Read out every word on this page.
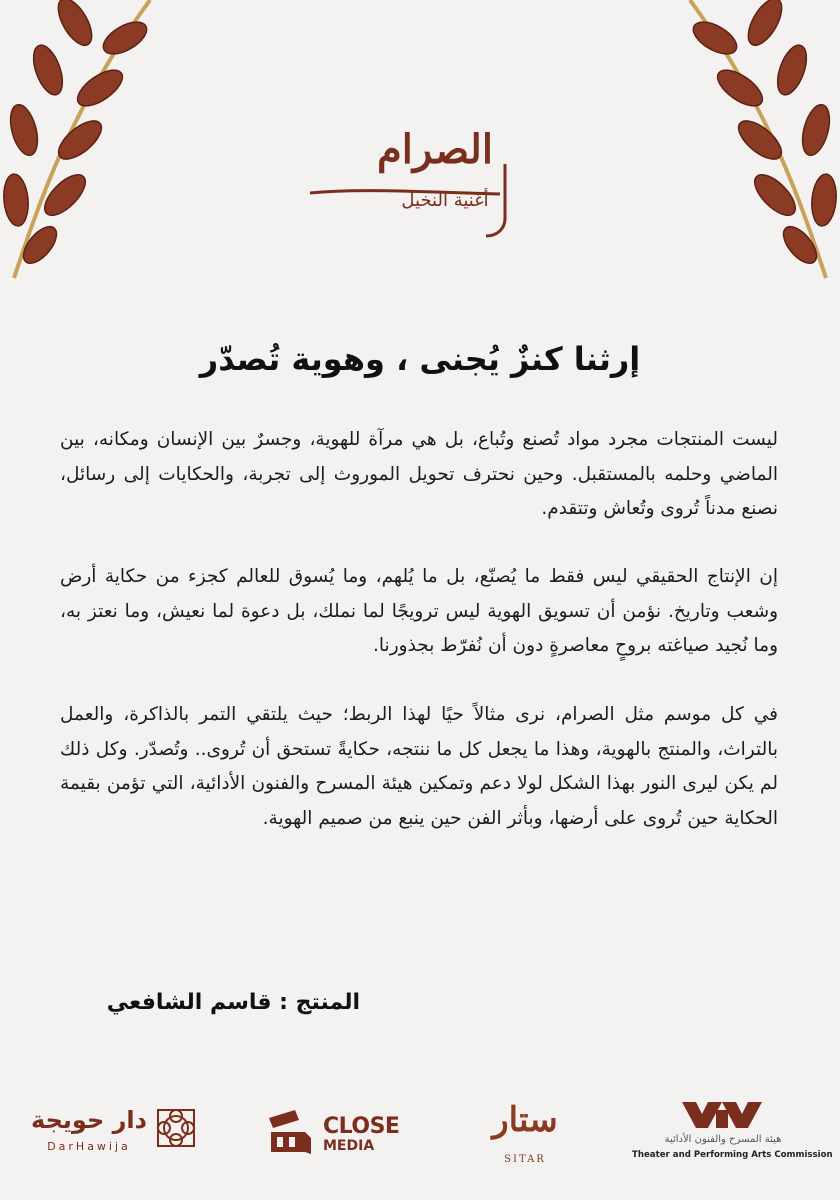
الصرام

أغنية النخيل

إرثنا كنزٌ يُجنى ، وهوية تُصدّر

ليست المنتجات مجرد مواد تُصنع وتُباع، بل هي مرآة للهوية، وجسرٌ بين الإنسان ومكانه، بين الماضي وحلمه بالمستقبل. وحين نحترف تحويل الموروث إلى تجربة، والحكايات إلى رسائل، نصنع مدناً تُروى وتُعاش وتتقدم.

إن الإنتاج الحقيقي ليس فقط ما يُصنّع، بل ما يُلهم، وما يُسوق للعالم كجزء من حكاية أرض وشعب وتاريخ. نؤمن أن تسويق الهوية ليس ترويجًا لما نملك، بل دعوة لما نعيش، وما نعتز به، وما نُجيد صياغته بروحٍ معاصرةٍ دون أن نُفرّط بجذورنا.

في كل موسم مثل الصرام، نرى مثالاً حيًا لهذا الربط؛ حيث يلتقي التمر بالذاكرة، والعمل بالتراث، والمنتج بالهوية، وهذا ما يجعل كل ما ننتجه، حكايةً تستحق أن تُروى.. وتُصدّر. وكل ذلك لم يكن ليرى النور بهذا الشكل لولا دعم وتمكين هيئة المسرح والفنون الأدائية، التي تؤمن بقيمة الحكاية حين تُروى على أرضها، وبأثر الفن حين ينبع من صميم الهوية.

المنتج : قاسم الشافعي

هيئة المسرح والفنون الأدائية

Theater and Performing Arts Commission

ستار

SITAR

CLOSE

MEDIA

دار حويجة

DarHawija
